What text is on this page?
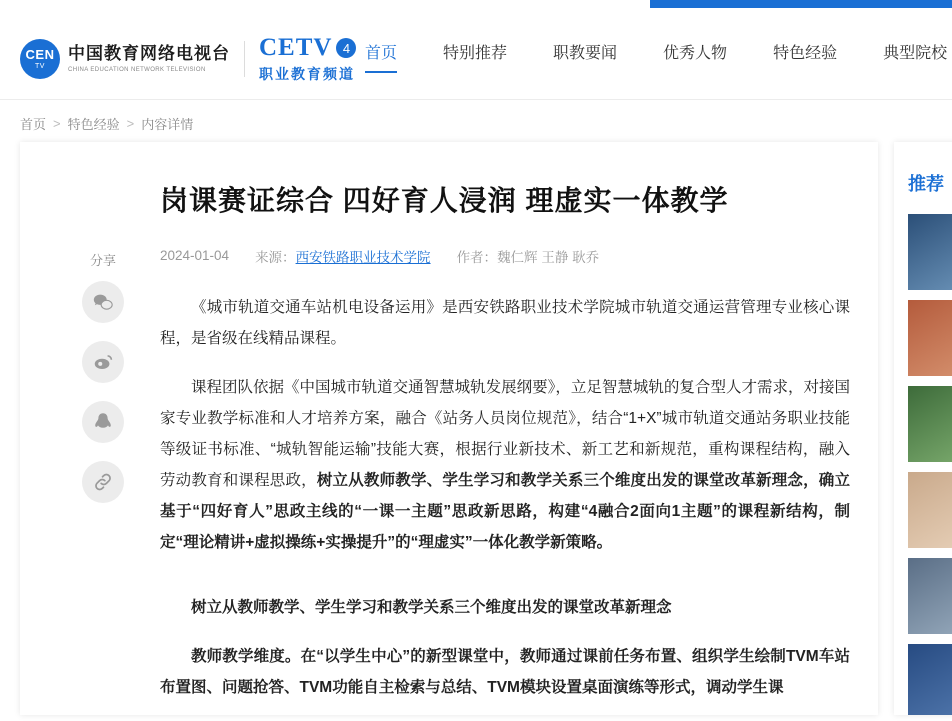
CEN
TV
中国教育网络电视台
CHINA EDUCATION NETWORK TELEVISION
CETV 4
职业教育频道
首页	特别推荐	职教要闻	优秀人物	特色经验	典型院校
首页 > 特色经验 > 内容详情
分享
岗课赛证综合 四好育人浸润 理虚实一体教学
2024-01-04 来源：西安铁路职业技术学院 作者：魏仁辉 王静 耿乔

《城市轨道交通车站机电设备运用》是西安铁路职业技术学院城市轨道交通运营管理专业核心课程，是省级在线精品课程。

课程团队依据《中国城市轨道交通智慧城轨发展纲要》，立足智慧城轨的复合型人才需求，对接国家专业教学标准和人才培养方案，融合《站务人员岗位规范》，结合“1+X”城市轨道交通站务职业技能等级证书标准、“城轨智能运输”技能大赛，根据行业新技术、新工艺和新规范，重构课程结构，融入劳动教育和课程思政，树立从教师教学、学生学习和教学关系三个维度出发的课堂改革新理念，确立基于“四好育人”思政主线的“一课一主题”思政新思路，构建“4融合2面向1主题”的课程新结构，制定“理论精讲+虚拟操练+实操提升”的“理虚实”一体化教学新策略。

树立从教师教学、学生学习和教学关系三个维度出发的课堂改革新理念

教师教学维度。在“以学生中心”的新型课堂中，教师通过课前任务布置、组织学生绘制TVM车站布置图、问题抢答、TVM功能自主检索与总结、TVM模块设置桌面演练等形式，调动学生课

推荐
